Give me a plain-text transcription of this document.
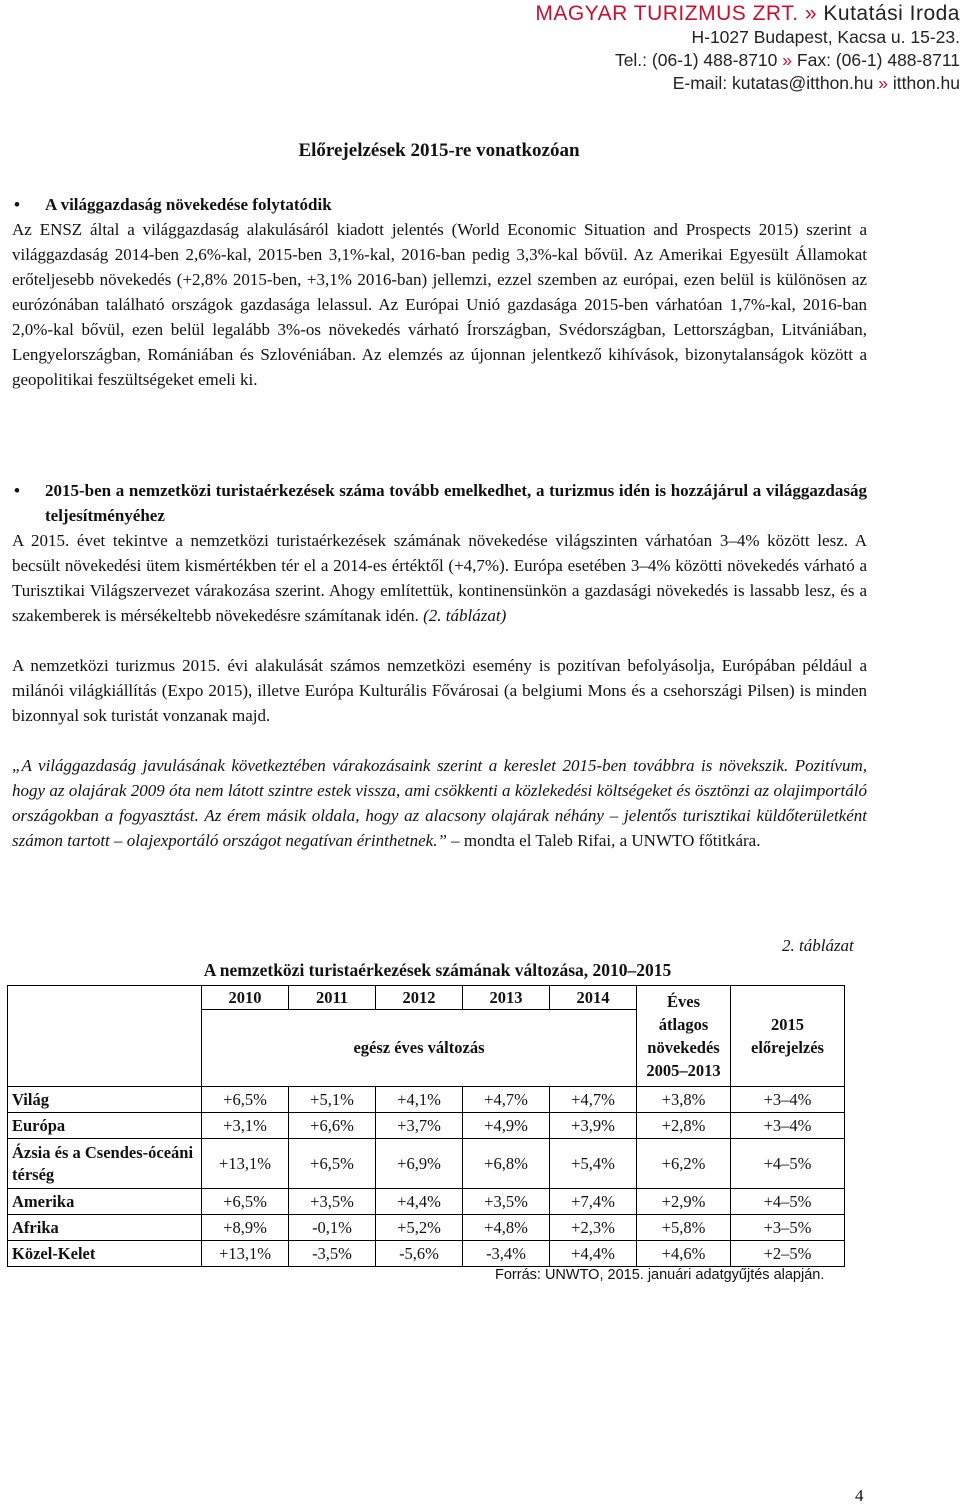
MAGYAR TURIZMUS ZRT. » Kutatási Iroda
H-1027 Budapest, Kacsa u. 15-23.
Tel.: (06-1) 488-8710 » Fax: (06-1) 488-8711
E-mail: kutatas@itthon.hu » itthon.hu
Előrejelzések 2015-re vonatkozóan
• A világgazdaság növekedése folytatódik

Az ENSZ által a világgazdaság alakulásáról kiadott jelentés (World Economic Situation and Prospects 2015) szerint a világgazdaság 2014-ben 2,6%-kal, 2015-ben 3,1%-kal, 2016-ban pedig 3,3%-kal bővül. Az Amerikai Egyesült Államokat erőteljesebb növekedés (+2,8% 2015-ben, +3,1% 2016-ban) jellemzi, ezzel szemben az európai, ezen belül is különösen az eurózónában található országok gazdasága lelassul. Az Európai Unió gazdasága 2015-ben várhatóan 1,7%-kal, 2016-ban 2,0%-kal bővül, ezen belül legalább 3%-os növekedés várható Írországban, Svédországban, Lettországban, Litvániában, Lengyelországban, Romániában és Szlovéniában. Az elemzés az újonnan jelentkező kihívások, bizonytalanságok között a geopolitikai feszültségeket emeli ki.

• 2015-ben a nemzetközi turistaérkezések száma tovább emelkedhet, a turizmus idén is hozzájárul a világgazdaság teljesítményéhez

A 2015. évet tekintve a nemzetközi turistaérkezések számának növekedése világszinten várhatóan 3–4% között lesz. A becsült növekedési ütem kismértékben tér el a 2014-es értéktől (+4,7%). Európa esetében 3–4% közötti növekedés várható a Turisztikai Világszervezet várakozása szerint. Ahogy említettük, kontinensünkön a gazdasági növekedés is lassabb lesz, és a szakemberek is mérsékeltebb növekedésre számítanak idén. (2. táblázat)

A nemzetközi turizmus 2015. évi alakulását számos nemzetközi esemény is pozitívan befolyásolja, Európában például a milánói világkiállítás (Expo 2015), illetve Európa Kulturális Fővárosai (a belgiumi Mons és a csehországi Pilsen) is minden bizonnyal sok turistát vonzanak majd.

„A világgazdaság javulásának következtében várakozásaink szerint a kereslet 2015-ben továbbra is növekszik. Pozitívum, hogy az olajárak 2009 óta nem látott szintre estek vissza, ami csökkenti a közlekedési költségeket és ösztönzi az olajimportáló országokban a fogyasztást. Az érem másik oldala, hogy az alacsony olajárak néhány – jelentős turisztikai küldőterületként számon tartott – olajexportáló országot negatívan érinthetnek.” – mondta el Taleb Rifai, a UNWTO főtitkára.

2. táblázat
A nemzetközi turistaérkezések számának változása, 2010–2015
	2010	2011	2012	2013	2014	Éves átlagos növekedés 2005–2013	2015 előrejelzés
	egész éves változás						
Világ	+6,5%	+5,1%	+4,1%	+4,7%	+4,7%	+3,8%	+3–4%
Európa	+3,1%	+6,6%	+3,7%	+4,9%	+3,9%	+2,8%	+3–4%
Ázsia és a Csendes-óceáni térség	+13,1%	+6,5%	+6,9%	+6,8%	+5,4%	+6,2%	+4–5%
Amerika	+6,5%	+3,5%	+4,4%	+3,5%	+7,4%	+2,9%	+4–5%
Afrika	+8,9%	-0,1%	+5,2%	+4,8%	+2,3%	+5,8%	+3–5%
Közel-Kelet	+13,1%	-3,5%	-5,6%	-3,4%	+4,4%	+4,6%	+2–5%
Forrás: UNWTO, 2015. januári adatgyűjtés alapján.
4
